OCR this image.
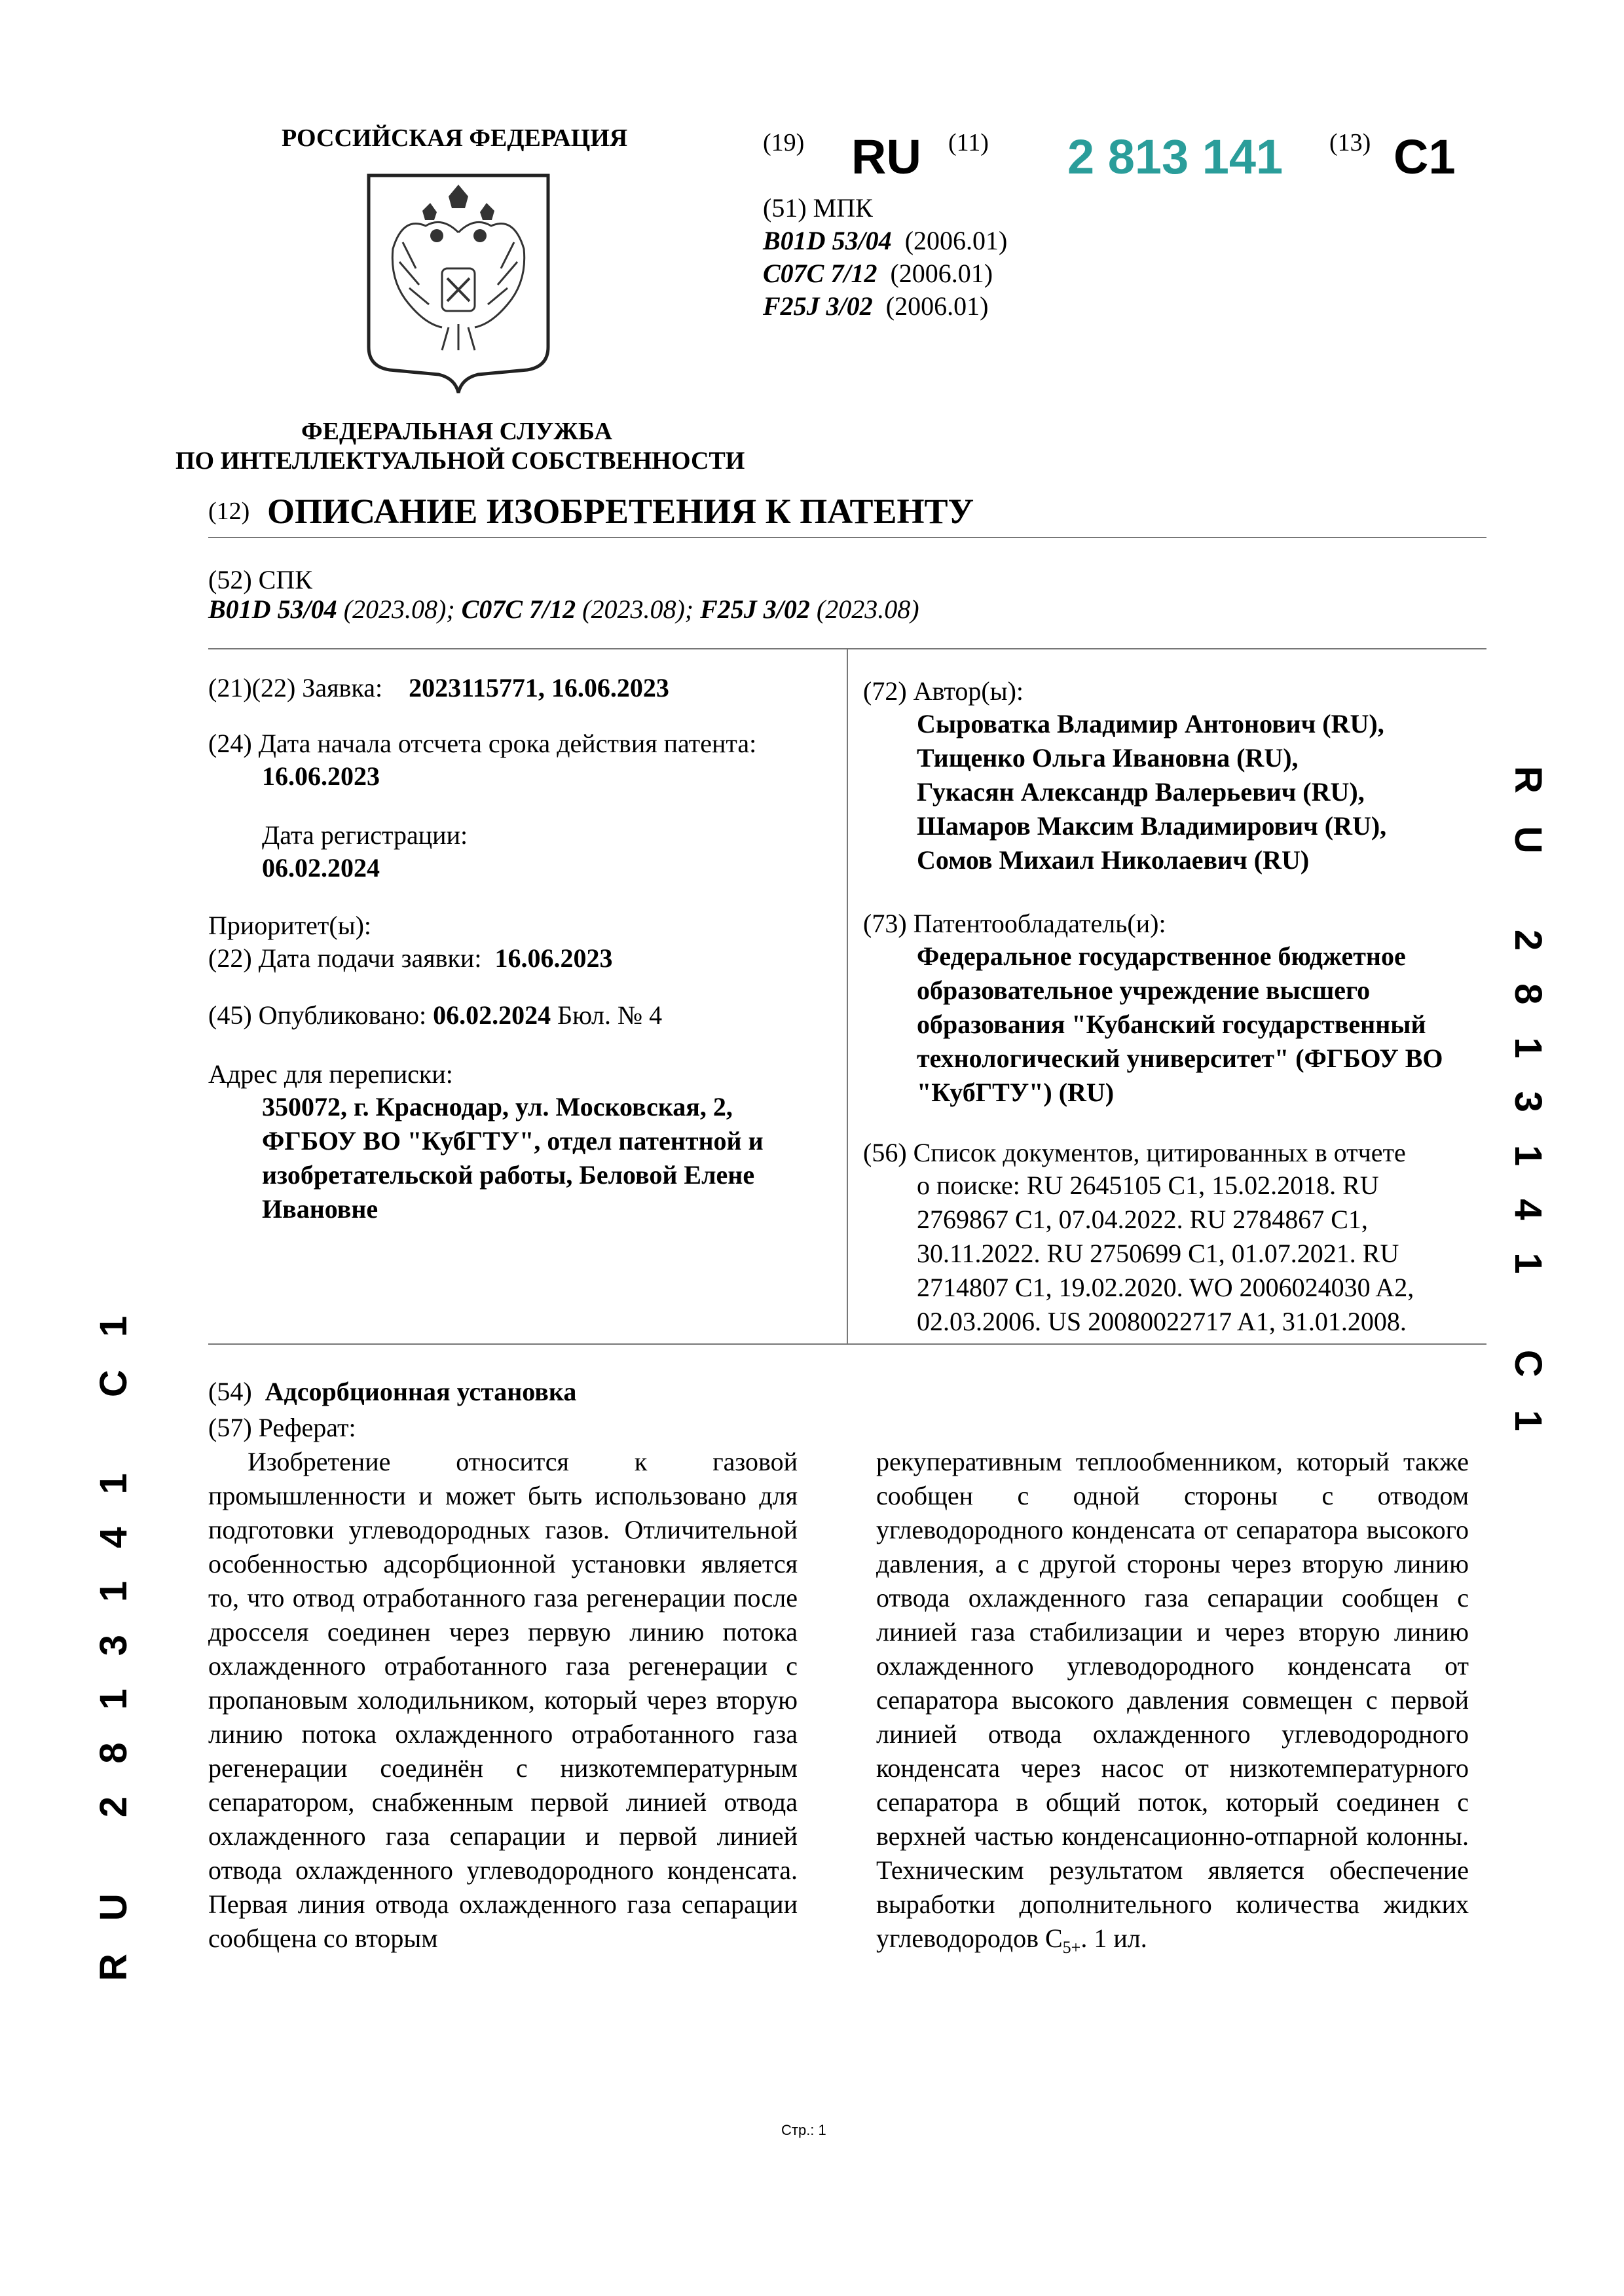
РОССИЙСКАЯ ФЕДЕРАЦИЯ
ФЕДЕРАЛЬНАЯ СЛУЖБА
ПО ИНТЕЛЛЕКТУАЛЬНОЙ СОБСТВЕННОСТИ
(19) RU (11) 2 813 141 (13) C1
(51) МПК
B01D 53/04 (2006.01)
C07C 7/12 (2006.01)
F25J 3/02 (2006.01)
(12) ОПИСАНИЕ ИЗОБРЕТЕНИЯ К ПАТЕНТУ
(52) СПК
B01D 53/04 (2023.08); C07C 7/12 (2023.08); F25J 3/02 (2023.08)
(21)(22) Заявка: 2023115771, 16.06.2023
(24) Дата начала отсчета срока действия патента:
16.06.2023
Дата регистрации:
06.02.2024
Приоритет(ы):
(22) Дата подачи заявки: 16.06.2023
(45) Опубликовано: 06.02.2024 Бюл. № 4
Адрес для переписки:
350072, г. Краснодар, ул. Московская, 2,
ФГБОУ ВО "КубГТУ", отдел патентной и
изобретательской работы, Беловой Елене
Ивановне
(72) Автор(ы):
Сыроватка Владимир Антонович (RU),
Тищенко Ольга Ивановна (RU),
Гукасян Александр Валерьевич (RU),
Шамаров Максим Владимирович (RU),
Сомов Михаил Николаевич (RU)
(73) Патентообладатель(и):
Федеральное государственное бюджетное
образовательное учреждение высшего
образования "Кубанский государственный
технологический университет" (ФГБОУ ВО
"КубГТУ") (RU)
(56) Список документов, цитированных в отчете
о поиске: RU 2645105 C1, 15.02.2018. RU
2769867 C1, 07.04.2022. RU 2784867 C1,
30.11.2022. RU 2750699 C1, 01.07.2021. RU
2714807 C1, 19.02.2020. WO 2006024030 A2,
02.03.2006. US 20080022717 A1, 31.01.2008.
(54) Адсорбционная установка
(57) Реферат:
Изобретение относится к газовой промышленности и может быть использовано для подготовки углеводородных газов. Отличительной особенностью адсорбционной установки является то, что отвод отработанного газа регенерации после дросселя соединен через первую линию потока охлажденного отработанного газа регенерации с пропановым холодильником, который через вторую линию потока охлажденного отработанного газа регенерации соединён с низкотемпературным сепаратором, снабженным первой линией отвода охлажденного газа сепарации и первой линией отвода охлажденного углеводородного конденсата. Первая линия отвода охлажденного газа сепарации сообщена со вторым
рекуперативным теплообменником, который также сообщен с одной стороны с отводом углеводородного конденсата от сепаратора высокого давления, а с другой стороны через вторую линию отвода охлажденного газа сепарации сообщен с линией газа стабилизации и через вторую линию охлажденного углеводородного конденсата от сепаратора высокого давления совмещен с первой линией отвода охлажденного углеводородного конденсата через насос от низкотемпературного сепаратора в общий поток, который соединен с верхней частью конденсационно-отпарной колонны. Техническим результатом является обеспечение выработки дополнительного количества жидких углеводородов $C_{5+}$. 1 ил.
RU 2813141 C1
RU 2813141 C1
Стр.: 1
